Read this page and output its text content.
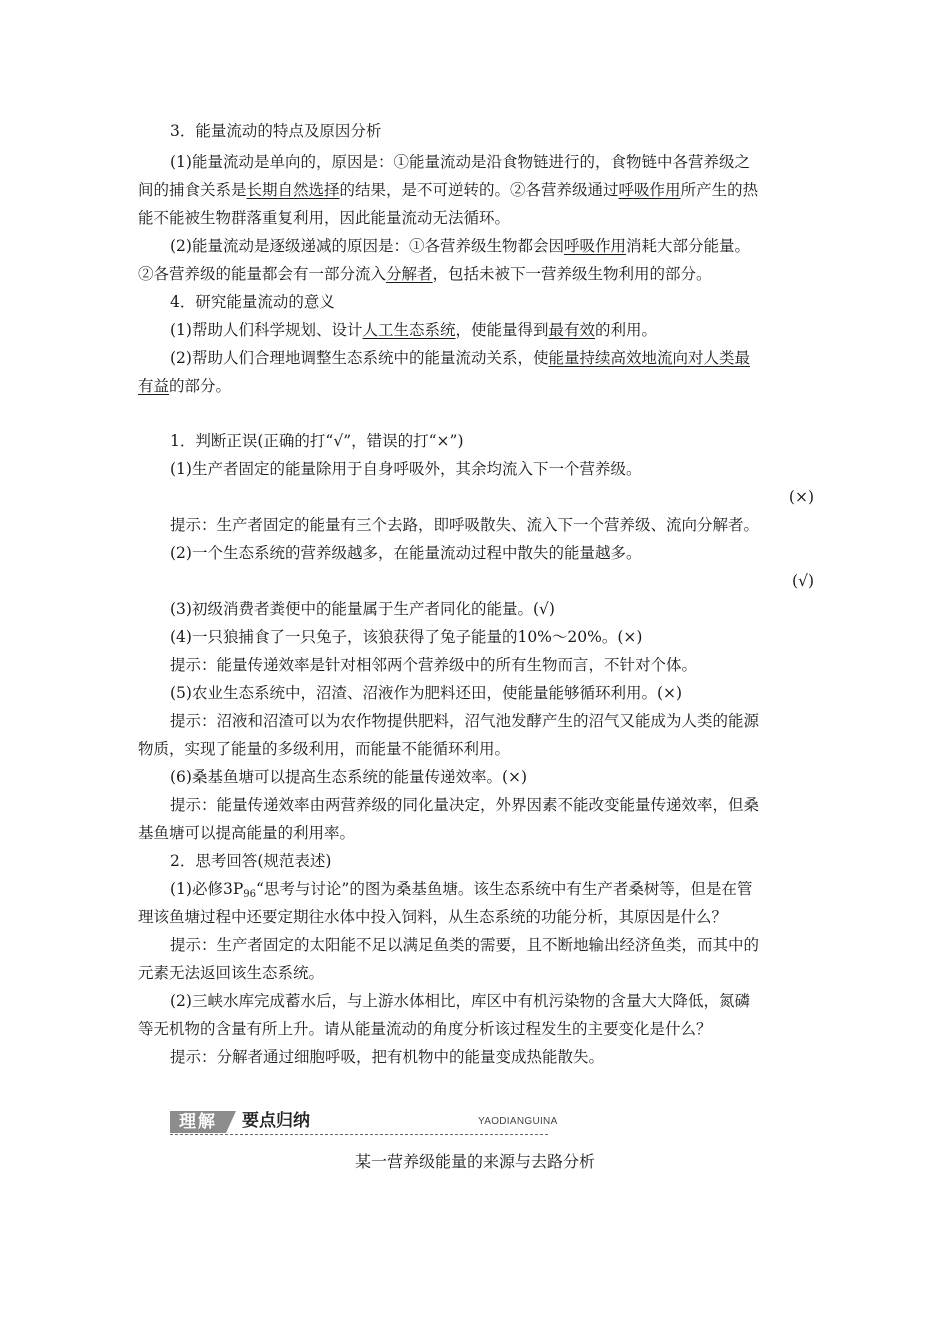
3．能量流动的特点及原因分析
(1)能量流动是单向的，原因是：①能量流动是沿食物链进行的，食物链中各营养级之
间的捕食关系是长期自然选择的结果，是不可逆转的。②各营养级通过呼吸作用所产生的热
能不能被生物群落重复利用，因此能量流动无法循环。
(2)能量流动是逐级递减的原因是：①各营养级生物都会因呼吸作用消耗大部分能量。
②各营养级的能量都会有一部分流入分解者，包括未被下一营养级生物利用的部分。
4．研究能量流动的意义
(1)帮助人们科学规划、设计人工生态系统，使能量得到最有效的利用。
(2)帮助人们合理地调整生态系统中的能量流动关系，使能量持续高效地流向对人类最
有益的部分。
1．判断正误(正确的打“√”，错误的打“×”)
(1)生产者固定的能量除用于自身呼吸外，其余均流入下一个营养级。
(×)
提示：生产者固定的能量有三个去路，即呼吸散失、流入下一个营养级、流向分解者。
(2)一个生态系统的营养级越多，在能量流动过程中散失的能量越多。
(√)
(3)初级消费者粪便中的能量属于生产者同化的能量。(√)
(4)一只狼捕食了一只兔子，该狼获得了兔子能量的10%～20%。(×)
提示：能量传递效率是针对相邻两个营养级中的所有生物而言，不针对个体。
(5)农业生态系统中，沼渣、沼液作为肥料还田，使能量能够循环利用。(×)
提示：沼液和沼渣可以为农作物提供肥料，沼气池发酵产生的沼气又能成为人类的能源
物质，实现了能量的多级利用，而能量不能循环利用。
(6)桑基鱼塘可以提高生态系统的能量传递效率。(×)
提示：能量传递效率由两营养级的同化量决定，外界因素不能改变能量传递效率，但桑
基鱼塘可以提高能量的利用率。
2．思考回答(规范表述)
(1)必修$3P_{96}“$思考与讨论”的图为桑基鱼塘。该生态系统中有生产者桑树等，但是在管
理该鱼塘过程中还要定期往水体中投入饲料，从生态系统的功能分析，其原因是什么？
提示：生产者固定的太阳能不足以满足鱼类的需要，且不断地输出经济鱼类，而其中的
元素无法返回该生态系统。
(2)三峡水库完成蓄水后，与上游水体相比，库区中有机污染物的含量大大降低，氮磷
等无机物的含量有所上升。请从能量流动的角度分析该过程发生的主要变化是什么？
提示：分解者通过细胞呼吸，把有机物中的能量变成热能散失。
理解	要点归纳	YAODIANGUINA
某一营养级能量的来源与去路分析
